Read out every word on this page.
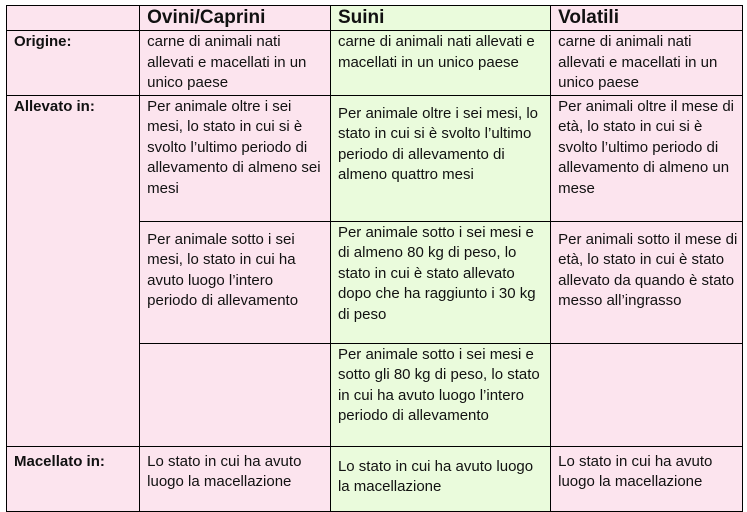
	Ovini/Caprini	Suini	Volatili
Origine:	carne di animali nati allevati e macellati in un unico paese	carne di animali nati allevati e macellati in un unico paese	carne di animali nati allevati e macellati in un unico paese
Allevato in:	Per animale oltre i sei mesi, lo stato in cui si è svolto l’ultimo periodo di allevamento di almeno sei mesi	Per animale oltre i sei mesi, lo stato in cui si è svolto l’ultimo periodo di allevamento di almeno quattro mesi	Per animali oltre il mese di età, lo stato in cui si è svolto l’ultimo periodo di allevamento di almeno un mese
	Per animale sotto i sei mesi, lo stato in cui ha avuto luogo l’intero periodo di allevamento	Per animale sotto i sei mesi e di almeno 80 kg di peso, lo stato in cui è stato allevato dopo che ha raggiunto i 30 kg di peso	Per animali sotto il mese di età, lo stato in cui è stato allevato da quando è stato messo all’ingrasso
		Per animale sotto i sei mesi e sotto gli 80 kg di peso, lo stato in cui ha avuto luogo l’intero periodo di allevamento	
Macellato in:	Lo stato in cui ha avuto luogo la macellazione	Lo stato in cui ha avuto luogo la macellazione	Lo stato in cui ha avuto luogo la macellazione
